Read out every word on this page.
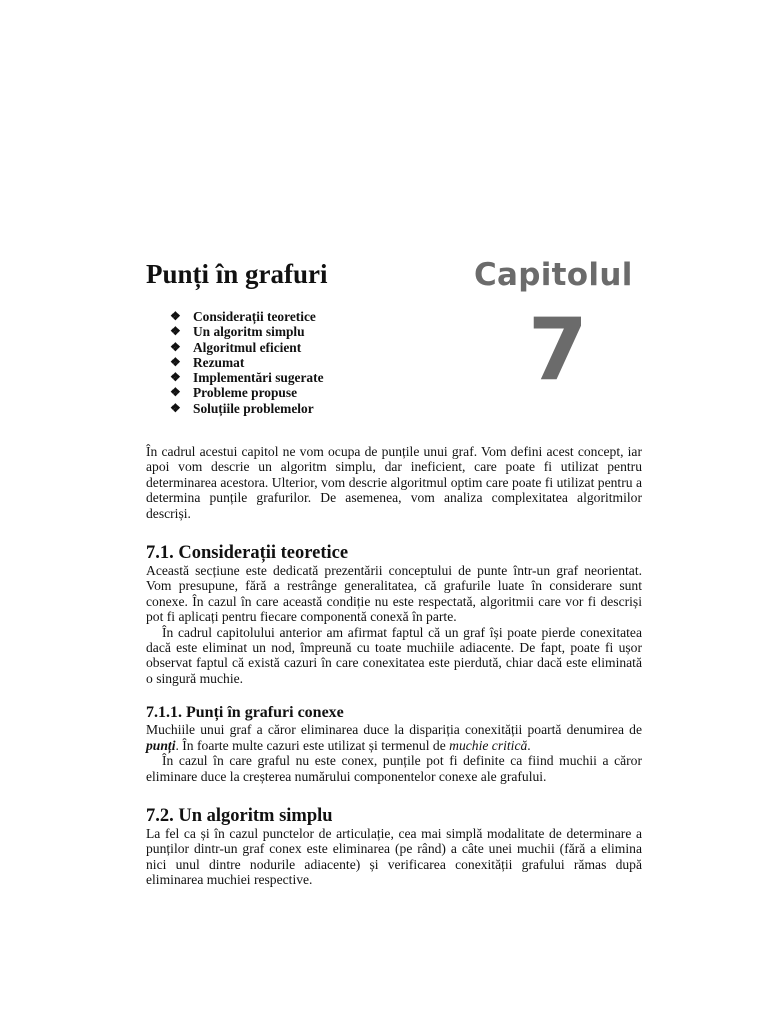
Punți în grafuri	Capitolul
7
❖ Considerații teoretice
❖ Un algoritm simplu
❖ Algoritmul eficient
❖ Rezumat
❖ Implementări sugerate
❖ Probleme propuse
❖ Soluțiile problemelor

În cadrul acestui capitol ne vom ocupa de punțile unui graf. Vom defini acest concept, iar apoi vom descrie un algoritm simplu, dar ineficient, care poate fi utilizat pentru determinarea acestora. Ulterior, vom descrie algoritmul optim care poate fi utilizat pentru a determina punțile grafurilor. De asemenea, vom analiza complexitatea algoritmilor descriși.

7.1. Considerații teoretice

Această secțiune este dedicată prezentării conceptului de punte într-un graf neorientat. Vom presupune, fără a restrânge generalitatea, că grafurile luate în considerare sunt conexe. În cazul în care această condiție nu este respectată, algoritmii care vor fi descriși pot fi aplicați pentru fiecare componentă conexă în parte.

În cadrul capitolului anterior am afirmat faptul că un graf își poate pierde conexitatea dacă este eliminat un nod, împreună cu toate muchiile adiacente. De fapt, poate fi ușor observat faptul că există cazuri în care conexitatea este pierdută, chiar dacă este eliminată o singură muchie.

7.1.1. Punți în grafuri conexe

Muchiile unui graf a căror eliminarea duce la dispariția conexității poartă denumirea de punți. În foarte multe cazuri este utilizat și termenul de muchie critică.

În cazul în care graful nu este conex, punțile pot fi definite ca fiind muchii a căror eliminare duce la creșterea numărului componentelor conexe ale grafului.

7.2. Un algoritm simplu

La fel ca și în cazul punctelor de articulație, cea mai simplă modalitate de determinare a punților dintr-un graf conex este eliminarea (pe rând) a câte unei muchii (fără a elimina nici unul dintre nodurile adiacente) și verificarea conexității grafului rămas după eliminarea muchiei respective.
